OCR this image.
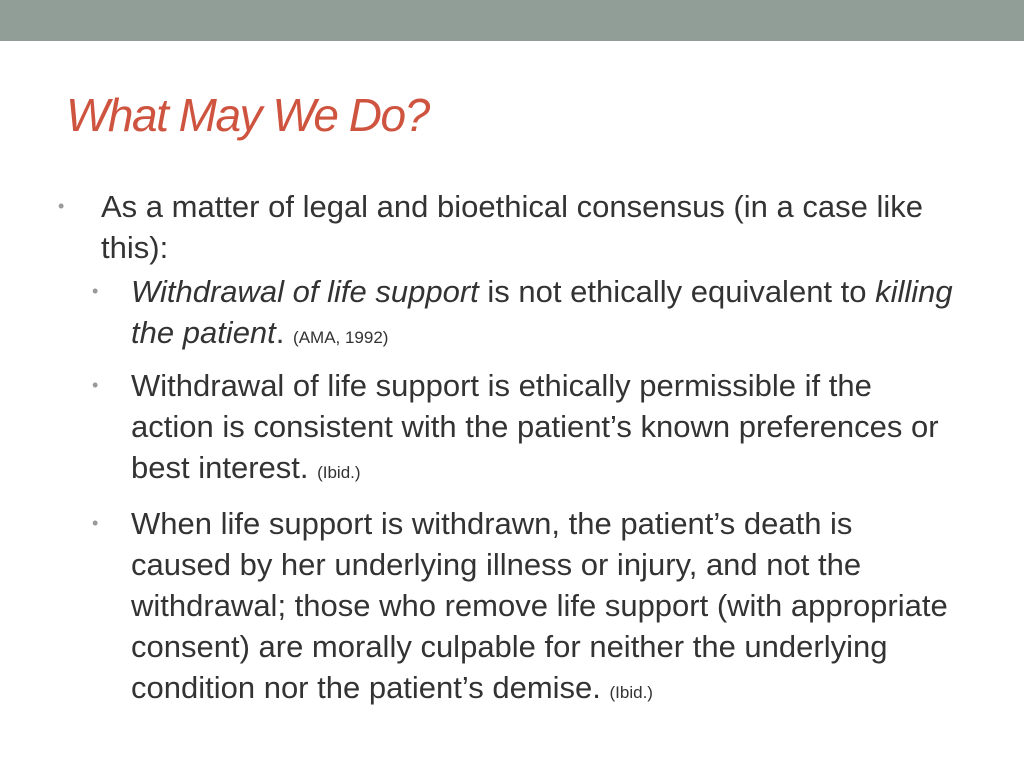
What May We Do?
• As a matter of legal and bioethical consensus (in a case like this):
• Withdrawal of life support is not ethically equivalent to killing the patient. (AMA, 1992)
• Withdrawal of life support is ethically permissible if the action is consistent with the patient’s known preferences or best interest. (Ibid.)
• When life support is withdrawn, the patient’s death is caused by her underlying illness or injury, and not the withdrawal; those who remove life support (with appropriate consent) are morally culpable for neither the underlying condition nor the patient’s demise. (Ibid.)
